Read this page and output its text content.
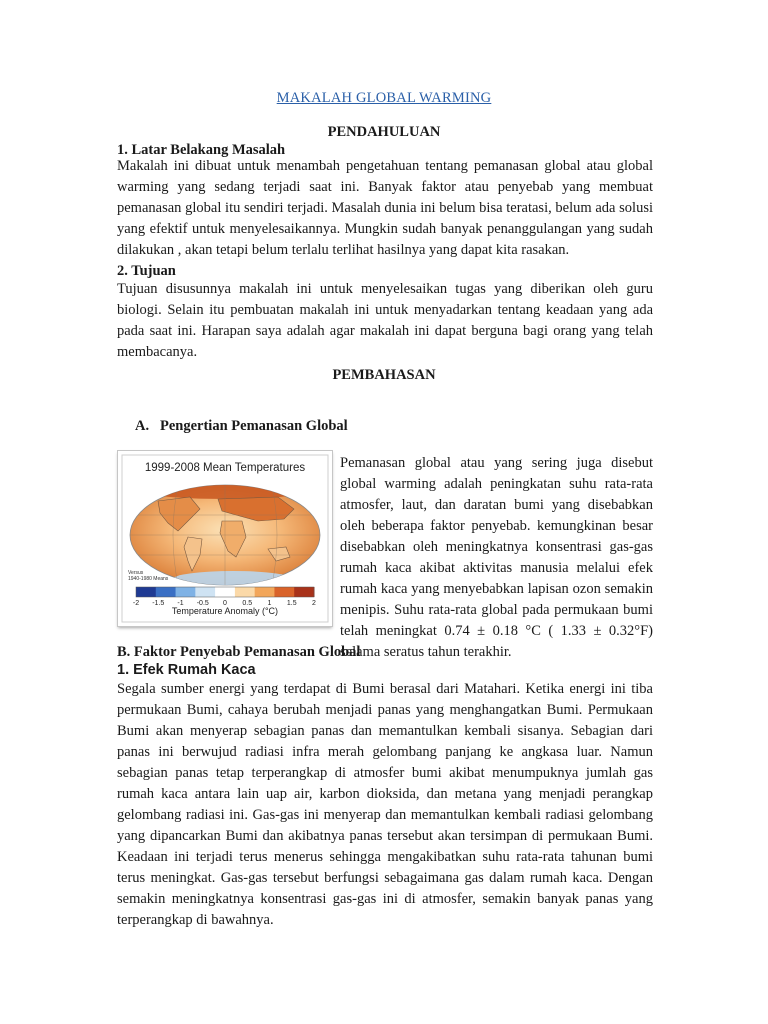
MAKALAH GLOBAL WARMING
PENDAHULUAN
1. Latar Belakang Masalah

Makalah ini dibuat untuk menambah pengetahuan tentang pemanasan global atau global warming yang sedang terjadi saat ini. Banyak faktor atau penyebab yang membuat pemanasan global itu sendiri terjadi. Masalah dunia ini belum bisa teratasi, belum ada solusi yang efektif untuk menyelesaikannya. Mungkin sudah banyak penanggulangan yang sudah dilakukan , akan tetapi belum terlalu terlihat hasilnya yang dapat kita rasakan.

2. Tujuan

Tujuan disusunnya makalah ini untuk menyelesaikan tugas yang diberikan oleh guru biologi. Selain itu pembuatan makalah ini untuk menyadarkan tentang keadaan yang ada pada saat ini. Harapan saya adalah agar makalah ini dapat berguna bagi orang yang telah membacanya.

PEMBAHASAN
A. Pengertian Pemanasan Global
1999-2008 Mean Temperatures
Versus
1940-1980 Means
-2 -1.5 -1 -0.5 0 0.5 1 1.5 2
Temperature Anomaly (°C)

Pemanasan global atau yang sering juga disebut global warming adalah peningkatan suhu rata-rata atmosfer, laut, dan daratan bumi yang disebabkan oleh beberapa faktor penyebab. kemungkinan besar disebabkan oleh meningkatnya konsentrasi gas-gas rumah kaca akibat aktivitas manusia melalui efek rumah kaca yang menyebabkan lapisan ozon semakin menipis. Suhu rata-rata global pada permukaan bumi telah meningkat 0.74 ± 0.18 °C ( 1.33 ± 0.32°F) selama seratus tahun terakhir.

B. Faktor Penyebab Pemanasan Global
1. Efek Rumah Kaca

Segala sumber energi yang terdapat di Bumi berasal dari Matahari. Ketika energi ini tiba permukaan Bumi, cahaya berubah menjadi panas yang menghangatkan Bumi. Permukaan Bumi akan menyerap sebagian panas dan memantulkan kembali sisanya. Sebagian dari panas ini berwujud radiasi infra merah gelombang panjang ke angkasa luar. Namun sebagian panas tetap terperangkap di atmosfer bumi akibat menumpuknya jumlah gas rumah kaca antara lain uap air, karbon dioksida, dan metana yang menjadi perangkap gelombang radiasi ini. Gas-gas ini menyerap dan memantulkan kembali radiasi gelombang yang dipancarkan Bumi dan akibatnya panas tersebut akan tersimpan di permukaan Bumi. Keadaan ini terjadi terus menerus sehingga mengakibatkan suhu rata-rata tahunan bumi terus meningkat. Gas-gas tersebut berfungsi sebagaimana gas dalam rumah kaca. Dengan semakin meningkatnya konsentrasi gas-gas ini di atmosfer, semakin banyak panas yang terperangkap di bawahnya.
